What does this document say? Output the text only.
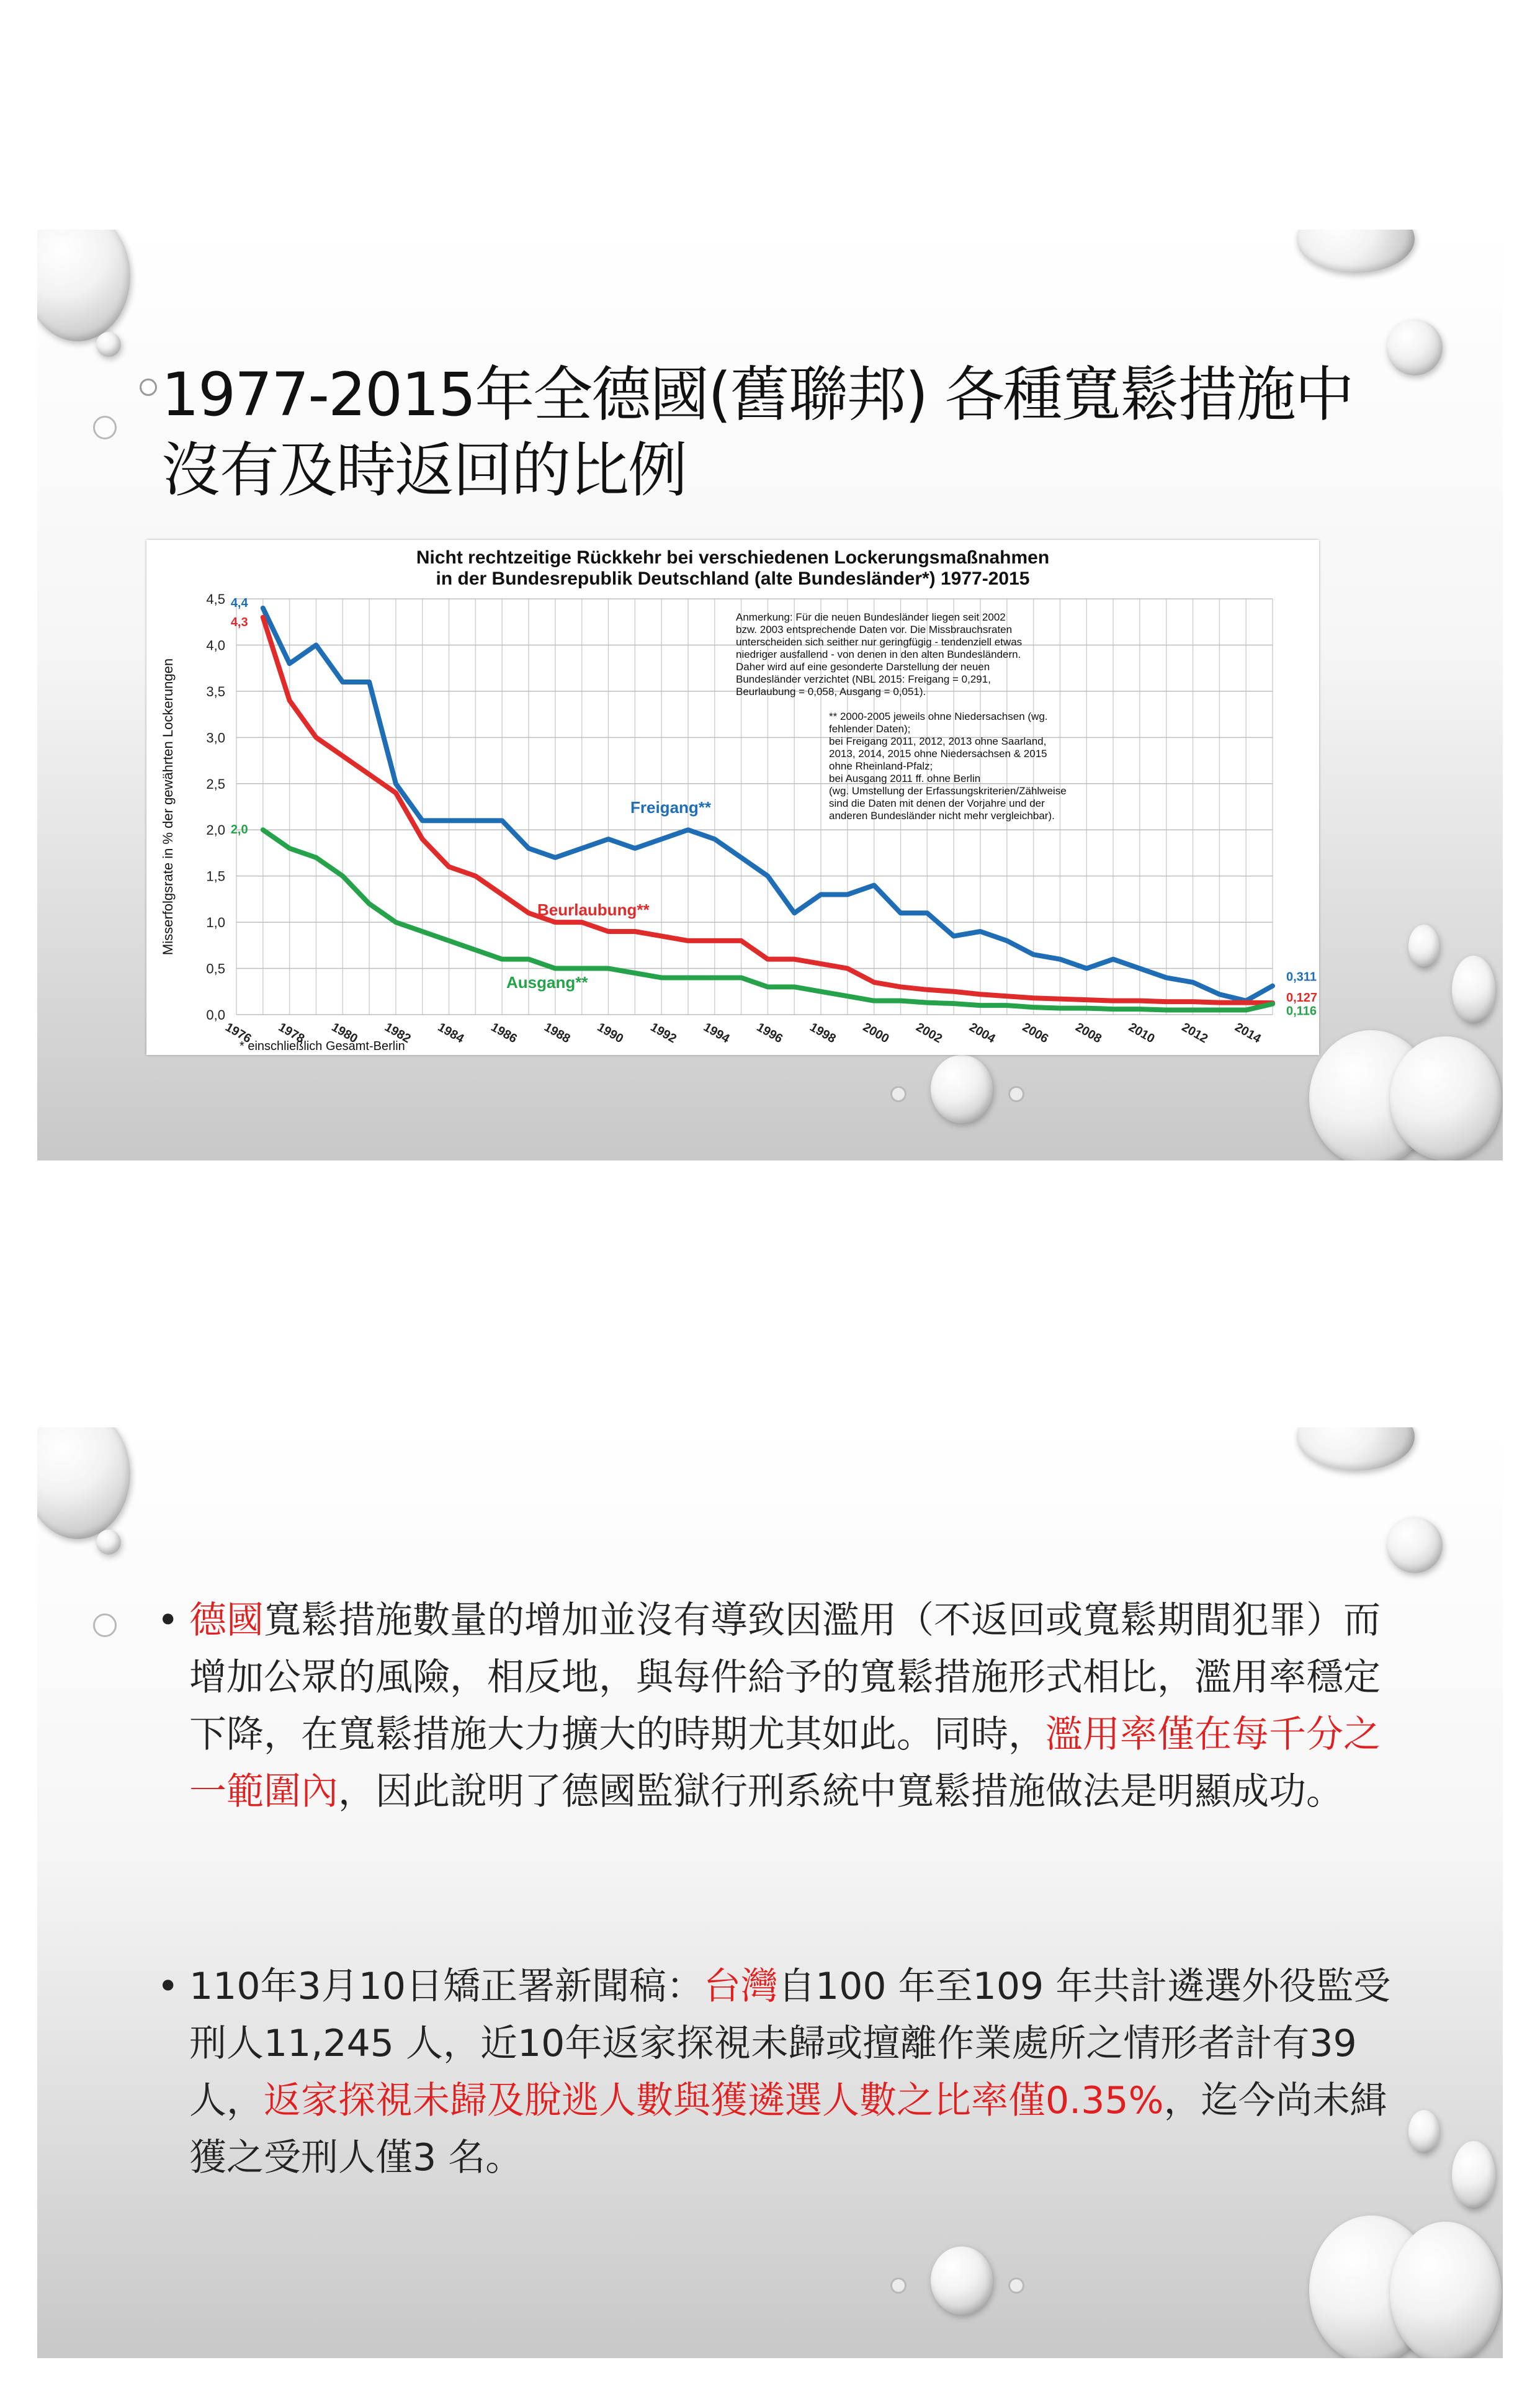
1977-2015年全德國(舊聯邦) 各種寬鬆措施中沒有及時返回的比例
Nicht rechtzeitige Rückkehr bei verschiedenen Lockerungsmaßnahmen
in der Bundesrepublik Deutschland (alte Bundesländer*) 1977-2015
0,0
0,5
1,0
1,5
2,0
2,5
3,0
3,5
4,0
4,5
1976 1978 1980 1982 1984 1986 1988 1990 1992 1994 1996 1998 2000 2002 2004 2006 2008 2010 2012 2014
Misserfolgsrate in % der gewährten Lockerungen
Anmerkung: Für die neuen Bundesländer liegen seit 2002
bzw. 2003 entsprechende Daten vor. Die Missbrauchsraten
unterscheiden sich seither nur geringfügig - tendenziell etwas
niedriger ausfallend - von denen in den alten Bundesländern.
Daher wird auf eine gesonderte Darstellung der neuen
Bundesländer verzichtet (NBL 2015: Freigang = 0,291,
Beurlaubung = 0,058, Ausgang = 0,051).
** 2000-2005 jeweils ohne Niedersachsen (wg.
fehlender Daten);
bei Freigang 2011, 2012, 2013 ohne Saarland,
2013, 2014, 2015 ohne Niedersachsen & 2015
ohne Rheinland-Pfalz;
bei Ausgang 2011 ff. ohne Berlin
(wg. Umstellung der Erfassungskriterien/Zählweise
sind die Daten mit denen der Vorjahre und der
anderen Bundesländer nicht mehr vergleichbar).
Freigang**
4,4
0,311
Beurlaubung**
4,3
0,127
Ausgang**
2,0
0,116
* einschließlich Gesamt-Berlin
• 德國寬鬆措施數量的增加並沒有導致因濫用（不返回或寬鬆期間犯罪）而增加公眾的風險，相反地，與每件給予的寬鬆措施形式相比，濫用率穩定下降，在寬鬆措施大力擴大的時期尤其如此。同時，濫用率僅在每千分之一範圍內，因此說明了德國監獄行刑系統中寬鬆措施做法是明顯成功。
• 110年3月10日矯正署新聞稿：台灣自100 年至109 年共計遴選外役監受刑人11,245 人，近10年返家探視未歸或擅離作業處所之情形者計有39人，返家探視未歸及脫逃人數與獲遴選人數之比率僅0.35%，迄今尚未緝獲之受刑人僅3 名。
